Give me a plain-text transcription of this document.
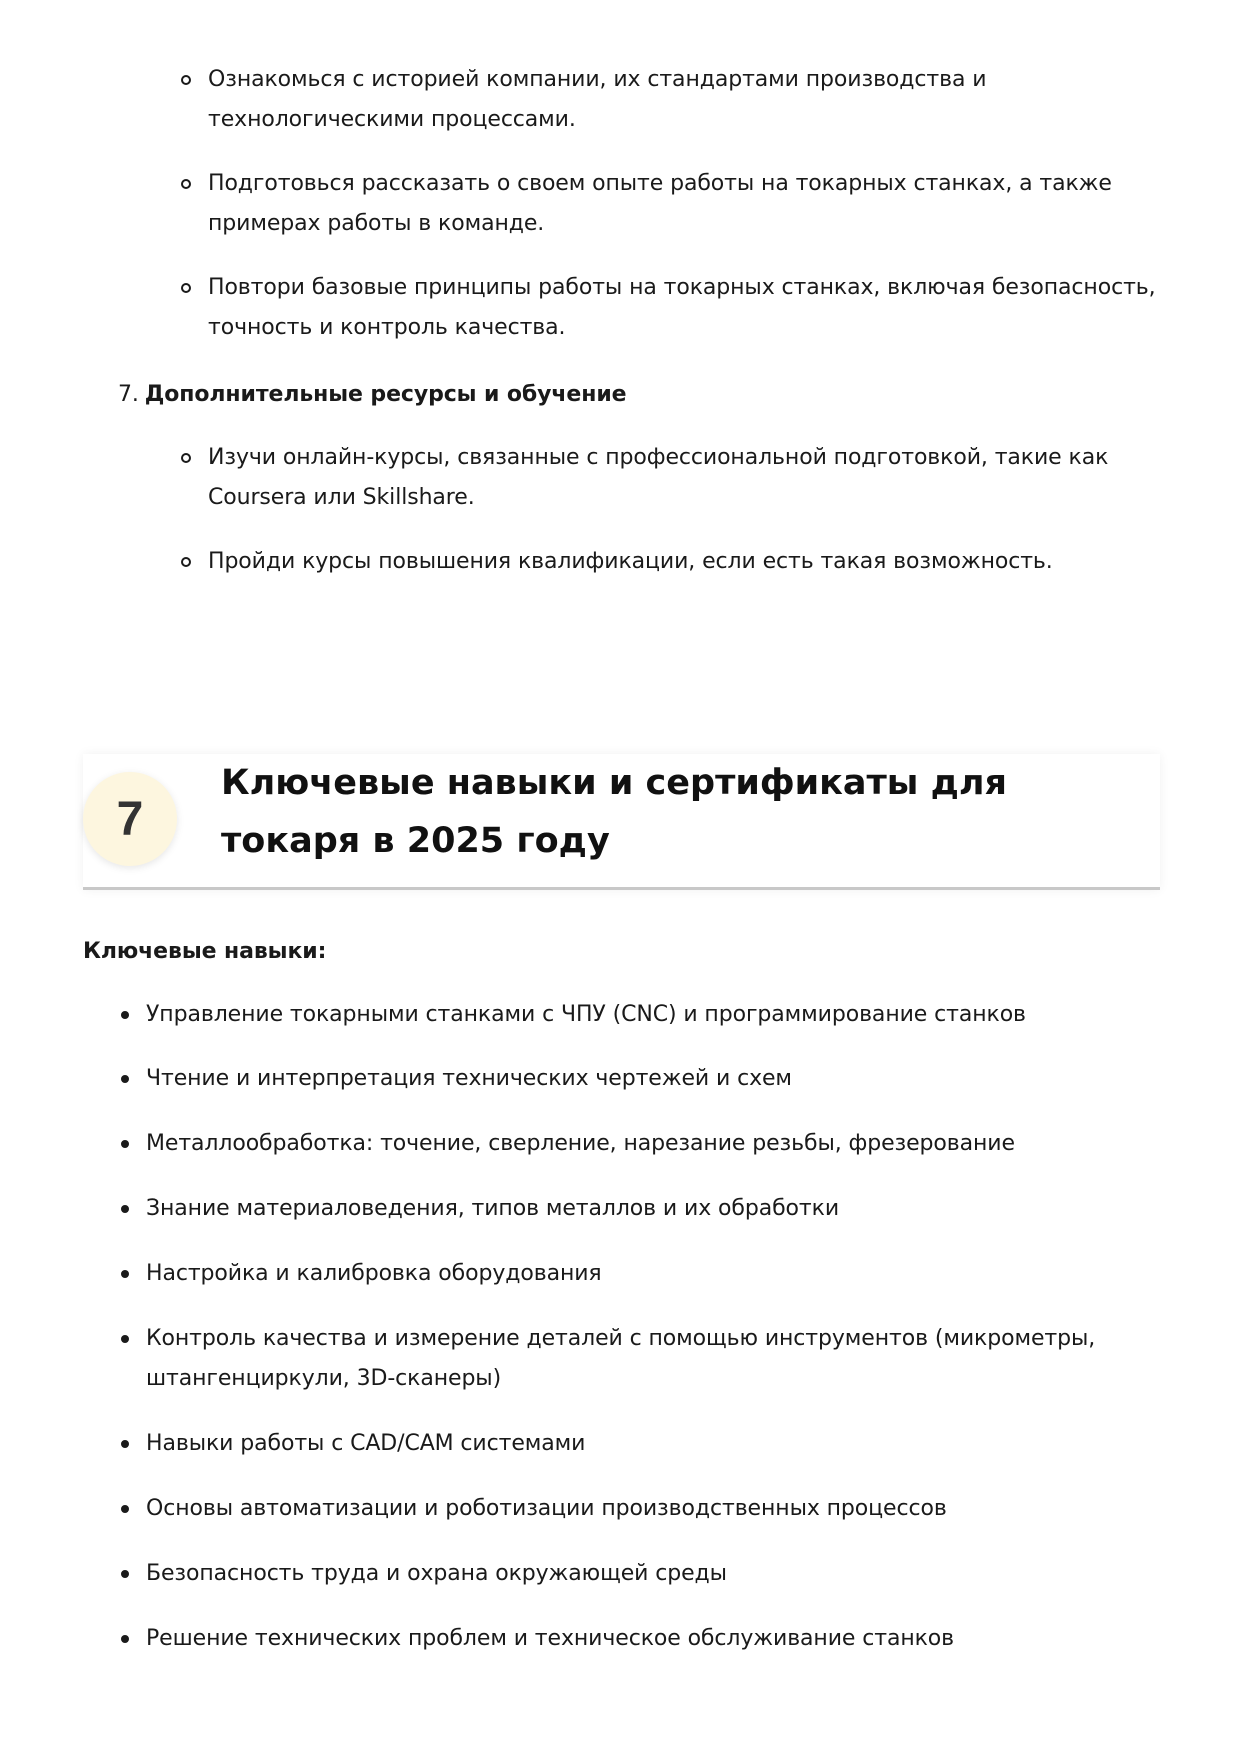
Ознакомься с историей компании, их стандартами производства и технологическими процессами.
Подготовься рассказать о своем опыте работы на токарных станках, а также примерах работы в команде.
Повтори базовые принципы работы на токарных станках, включая безопасность, точность и контроль качества.
7. Дополнительные ресурсы и обучение
Изучи онлайн-курсы, связанные с профессиональной подготовкой, такие как Coursera или Skillshare.
Пройди курсы повышения квалификации, если есть такая возможность.
7
Ключевые навыки и сертификаты для токаря в 2025 году
Ключевые навыки:
Управление токарными станками с ЧПУ (CNC) и программирование станков
Чтение и интерпретация технических чертежей и схем
Металлообработка: точение, сверление, нарезание резьбы, фрезерование
Знание материаловедения, типов металлов и их обработки
Настройка и калибровка оборудования
Контроль качества и измерение деталей с помощью инструментов (микрометры, штангенциркули, 3D-сканеры)
Навыки работы с CAD/CAM системами
Основы автоматизации и роботизации производственных процессов
Безопасность труда и охрана окружающей среды
Решение технических проблем и техническое обслуживание станков
